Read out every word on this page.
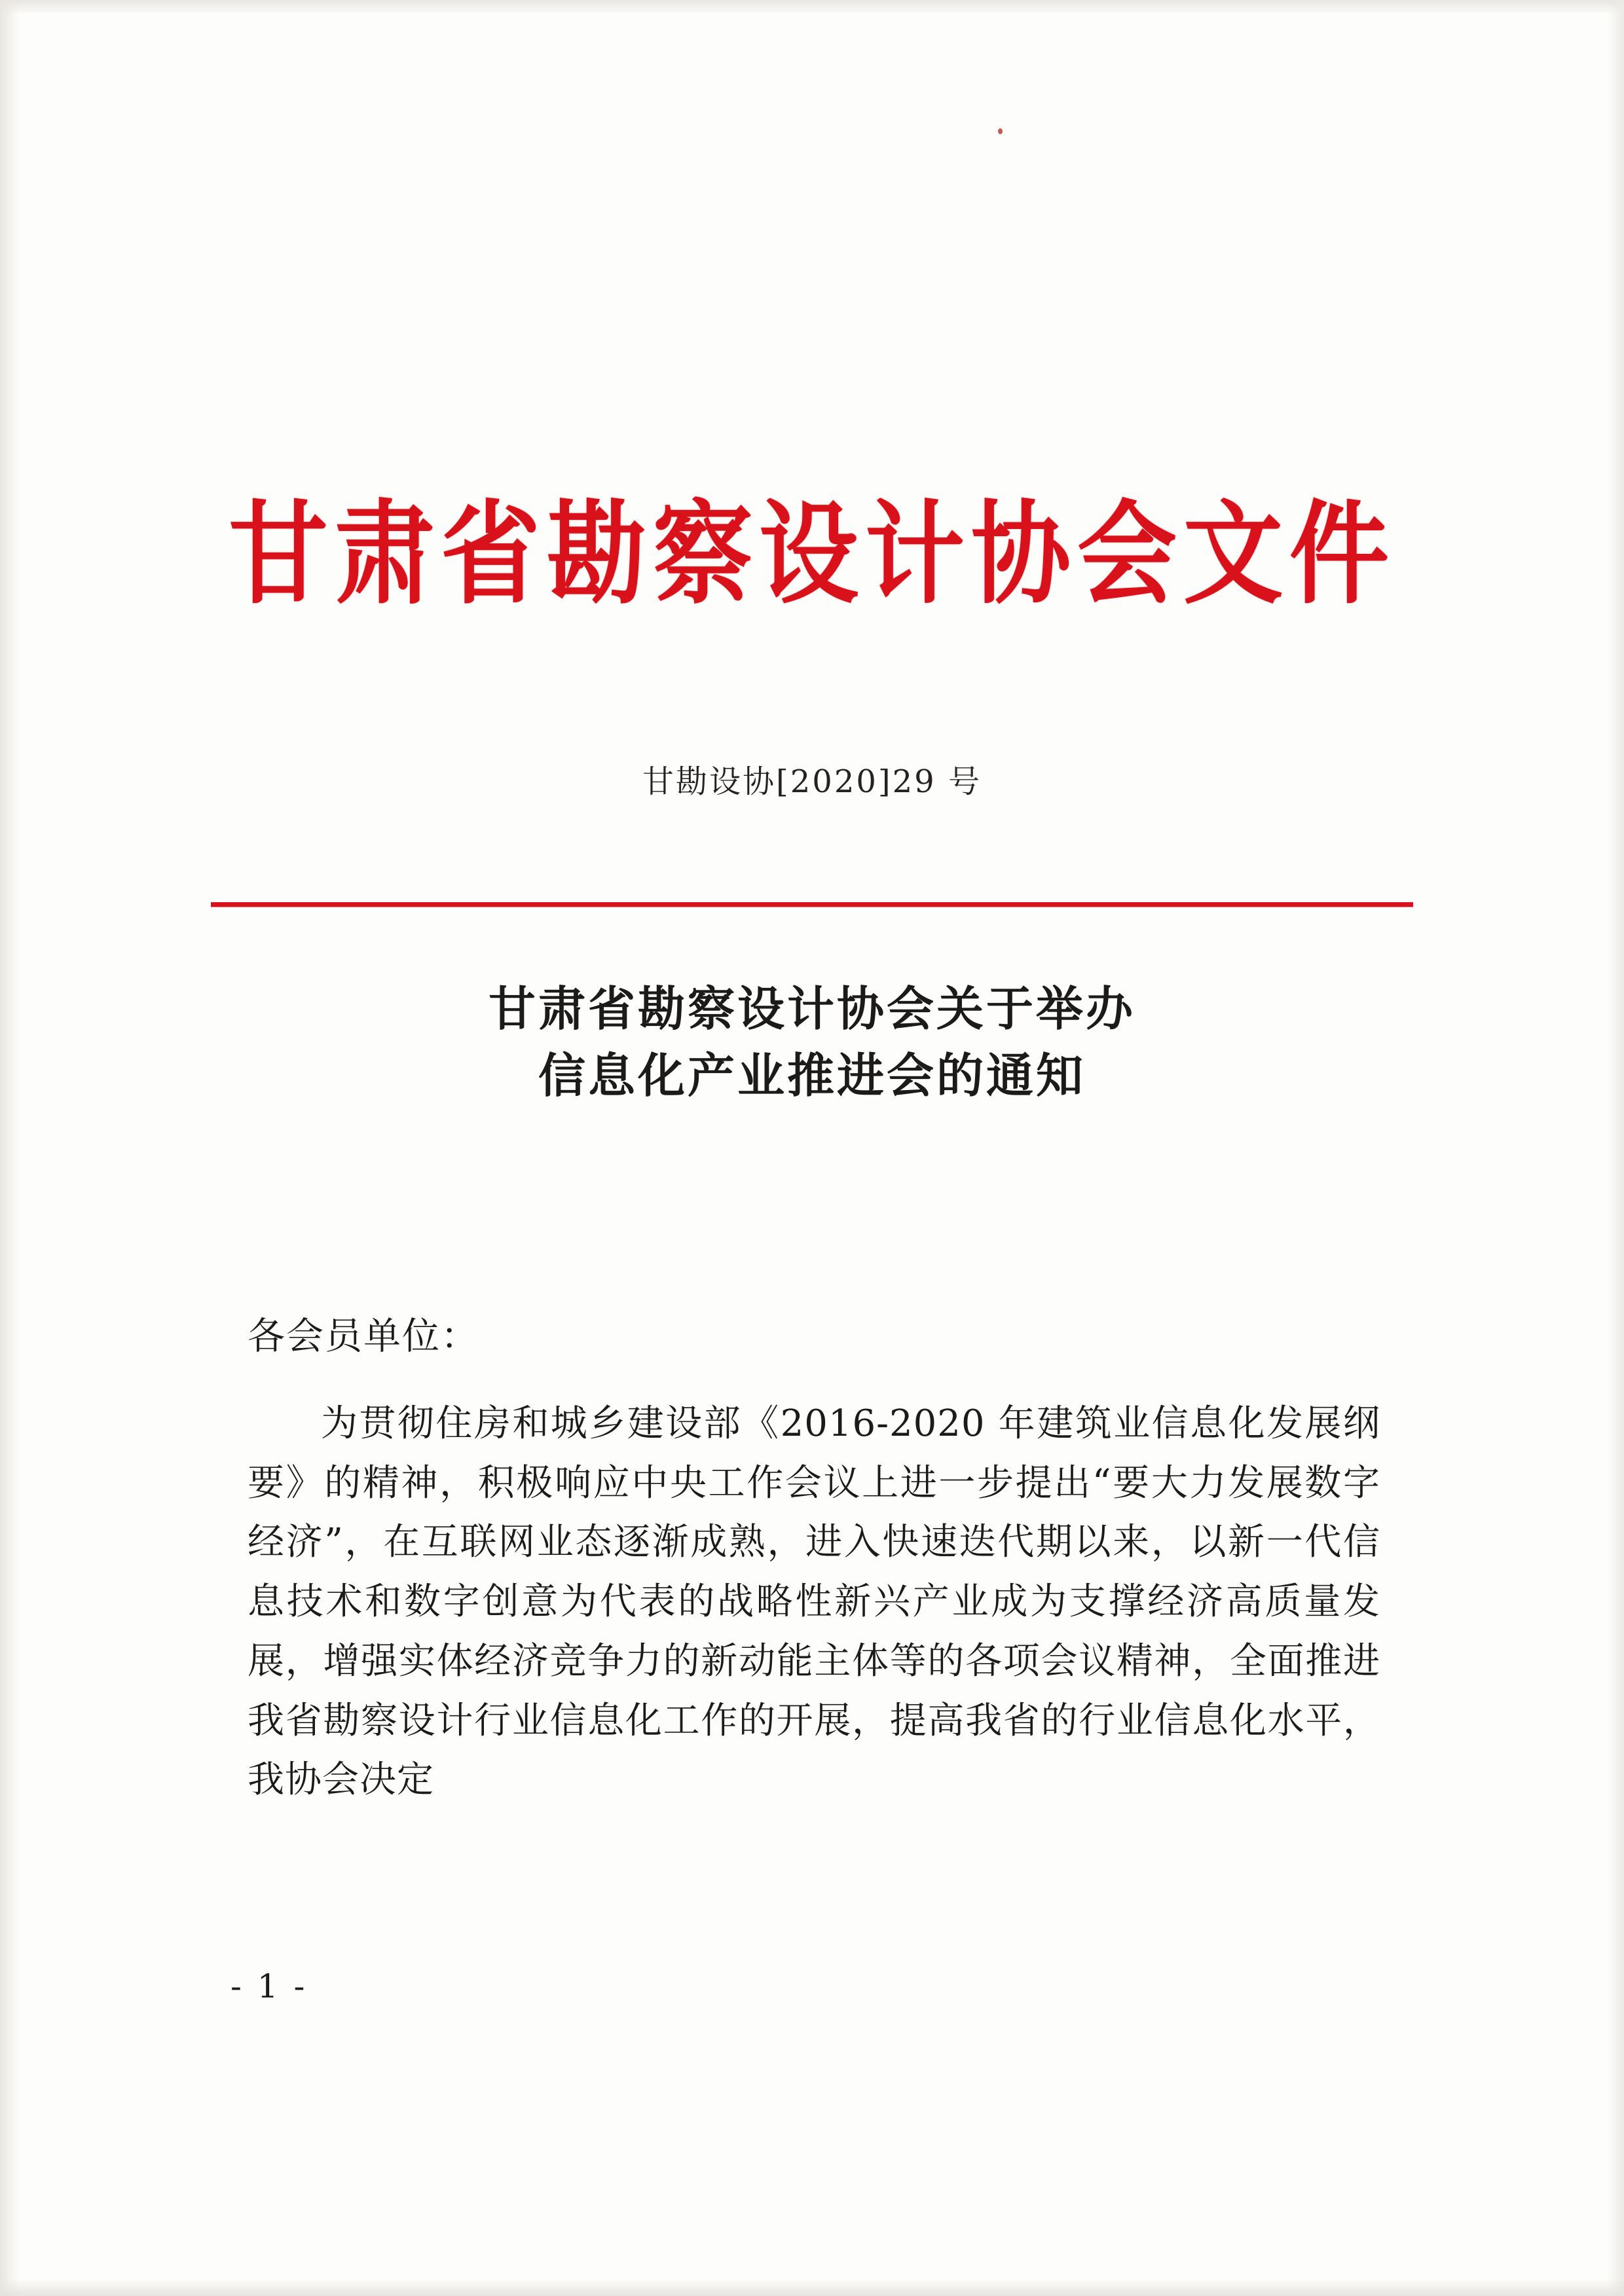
甘肃省勘察设计协会文件
甘勘设协[2020]29 号
甘肃省勘察设计协会关于举办
信息化产业推进会的通知
各会员单位：
为贯彻住房和城乡建设部《2016-2020 年建筑业信息化发展纲要》的精神，积极响应中央工作会议上进一步提出“要大力发展数字经济”，在互联网业态逐渐成熟，进入快速迭代期以来，以新一代信息技术和数字创意为代表的战略性新兴产业成为支撑经济高质量发展，增强实体经济竞争力的新动能主体等的各项会议精神，全面推进我省勘察设计行业信息化工作的开展，提高我省的行业信息化水平，我协会决定
- 1 -
